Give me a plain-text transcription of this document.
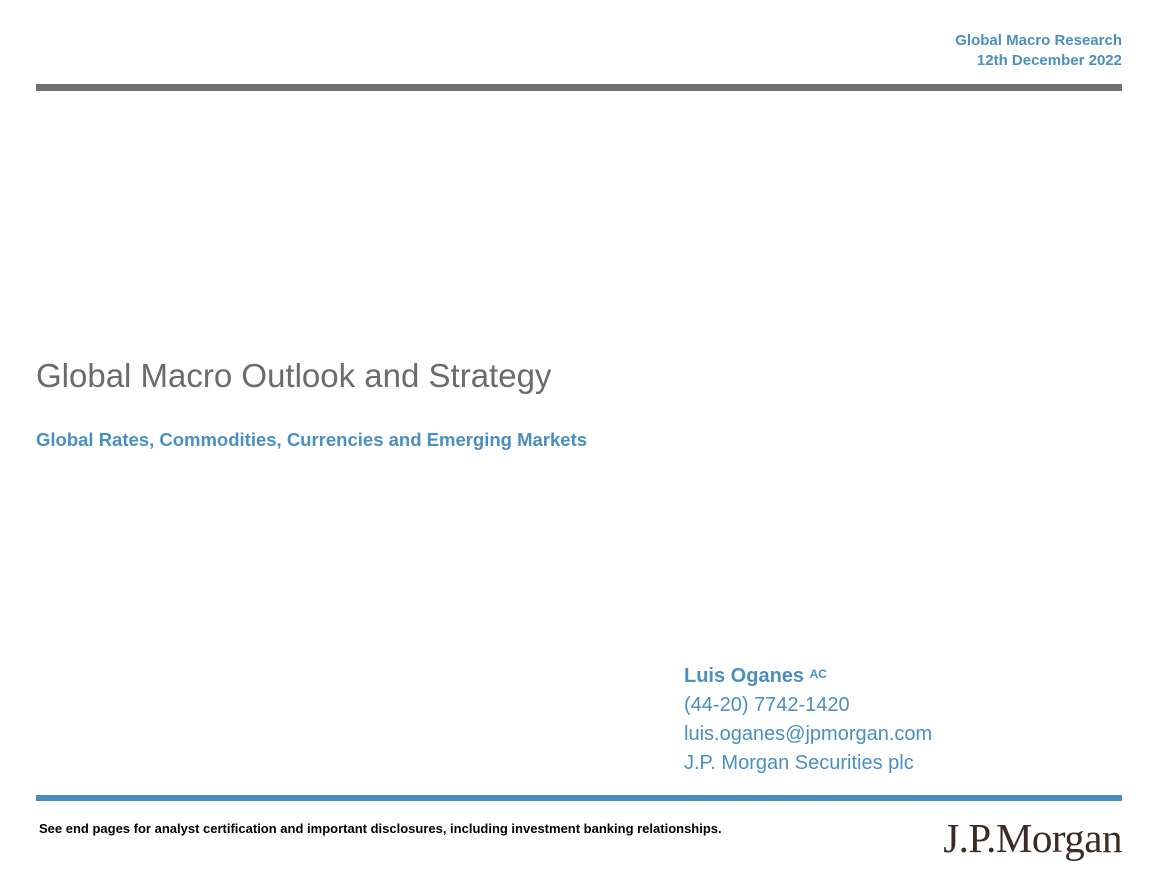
Global Macro Research
12th December 2022
Global Macro Outlook and Strategy
Global Rates, Commodities, Currencies and Emerging Markets
Luis Oganes $^{AC}$
(44-20) 7742-1420
luis.oganes@jpmorgan.com
J.P. Morgan Securities plc
See end pages for analyst certification and important disclosures, including investment banking relationships.	J.P.Morgan
